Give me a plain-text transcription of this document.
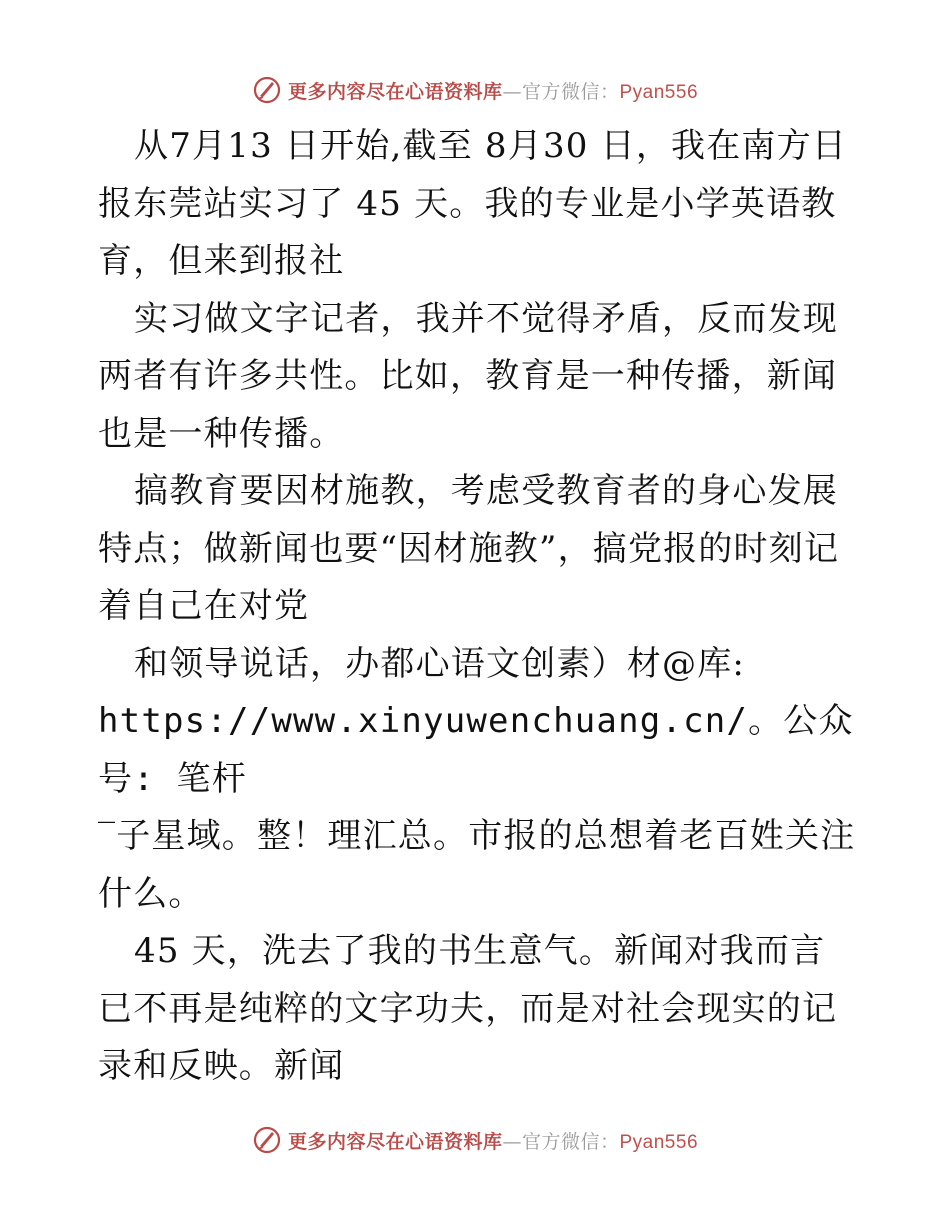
更多内容尽在心语资料库—官方微信：Pyan556

从7月13 日开始,截至 8月30 日，我在南方日报东莞站实习了 45 天。我的专业是小学英语教育，但来到报社

实习做文字记者，我并不觉得矛盾，反而发现两者有许多共性。比如，教育是一种传播，新闻也是一种传播。

搞教育要因材施教，考虑受教育者的身心发展特点；做新闻也要“因材施教”，搞党报的时刻记着自己在对党

和领导说话，办都心语文创素）材@库:

https://www.xinyuwenchuang.cn/。公众号: 笔杆

‾子星域。整！理汇总。市报的总想着老百姓关注什么。

45 天，洗去了我的书生意气。新闻对我而言已不再是纯粹的文字功夫，而是对社会现实的记录和反映。新闻

更多内容尽在心语资料库—官方微信：Pyan556
